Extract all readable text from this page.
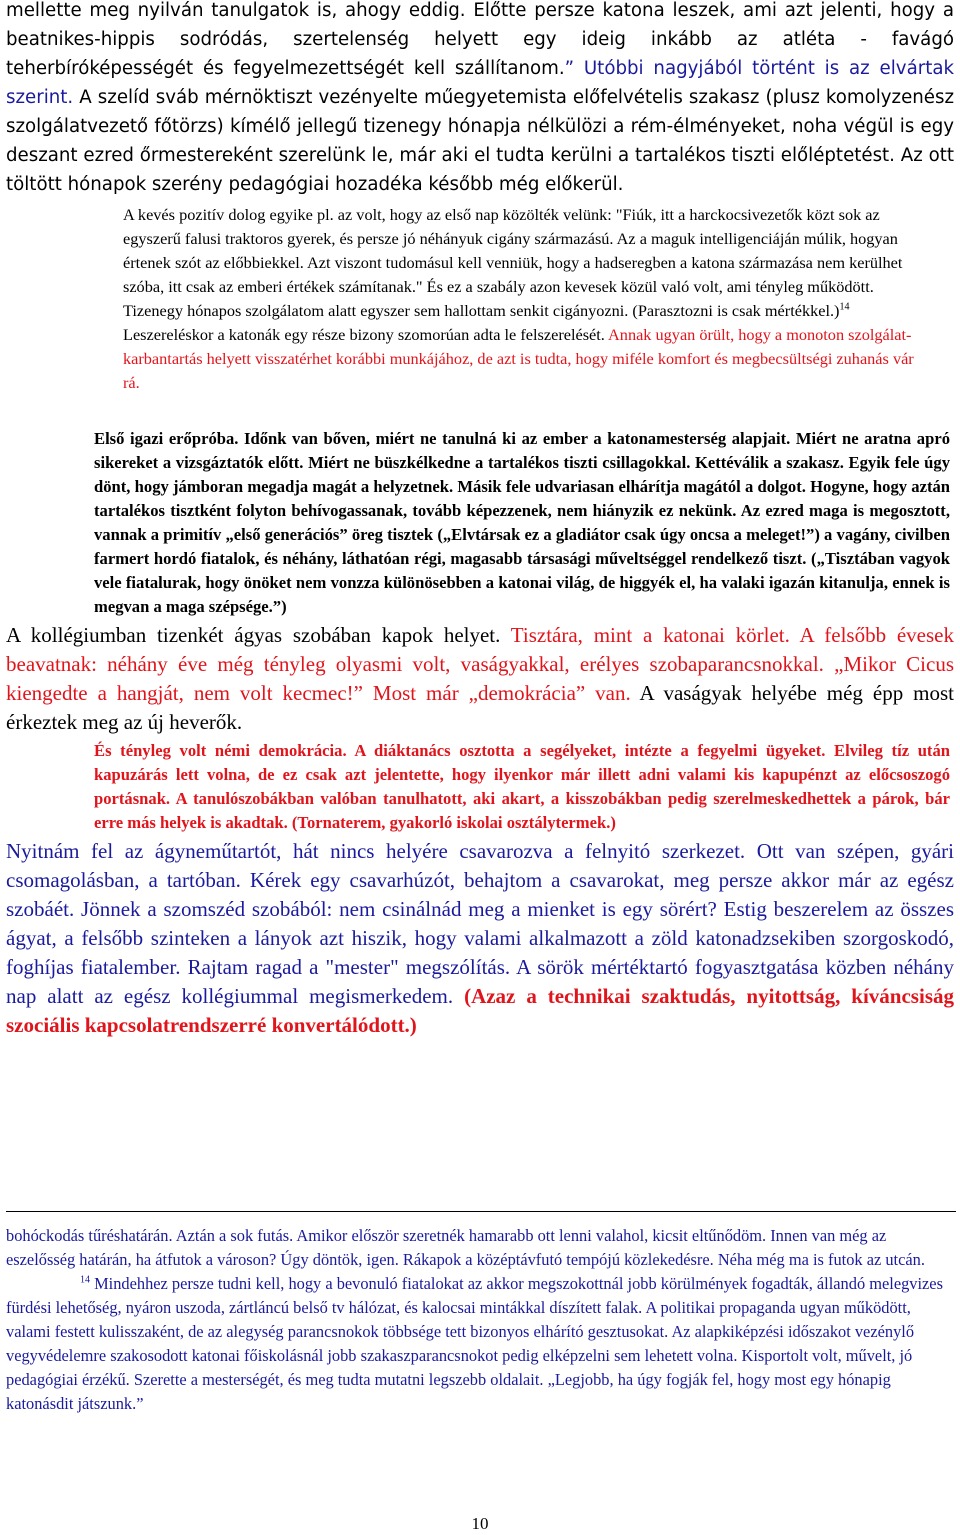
mellette meg nyilván tanulgatok is, ahogy eddig. Előtte persze katona leszek, ami azt jelenti, hogy a beatnikes-hippis sodródás, szertelenség helyett egy ideig inkább az atléta - favágó teherbíróképességét és fegyelmezettségét kell szállítanom.” Utóbbi nagyjából történt is az elvártak szerint. A szelíd sváb mérnöktiszt vezényelte műegyetemista előfelvételis szakasz (plusz komolyzenész szolgálatvezető főtörzs) kímélő jellegű tizenegy hónapja nélkülözi a rém-élményeket, noha végül is egy deszant ezred őrmestereként szerelünk le, már aki el tudta kerülni a tartalékos tiszti előléptetést. Az ott töltött hónapok szerény pedagógiai hozadéka később még előkerül.

A kevés pozitív dolog egyike pl. az volt, hogy az első nap közölték velünk: "Fiúk, itt a harckocsivezetők közt sok az egyszerű falusi traktoros gyerek, és persze jó néhányuk cigány származású. Az a maguk intelligenciáján múlik, hogyan értenek szót az előbbiekkel. Azt viszont tudomásul kell venniük, hogy a hadseregben a katona származása nem kerülhet szóba, itt csak az emberi értékek számítanak." És ez a szabály azon kevesek közül való volt, ami tényleg működött. Tizenegy hónapos szolgálatom alatt egyszer sem hallottam senkit cigányozni. (Parasztozni is csak mértékkel.)$^{14}$ Leszereléskor a katonák egy része bizony szomorúan adta le felszerelését. Annak ugyan örült, hogy a monoton szolgálat-karbantartás helyett visszatérhet korábbi munkájához, de azt is tudta, hogy miféle komfort és megbecsültségi zuhanás vár rá.

Első igazi erőpróba. Időnk van bőven, miért ne tanulná ki az ember a katonamesterség alapjait. Miért ne aratna apró sikereket a vizsgáztatók előtt. Miért ne büszkélkedne a tartalékos tiszti csillagokkal. Kettéválik a szakasz. Egyik fele úgy dönt, hogy jámboran megadja magát a helyzetnek. Másik fele udvariasan elhárítja magától a dolgot. Hogyne, hogy aztán tartalékos tisztként folyton behívogassanak, tovább képezzenek, nem hiányzik ez nekünk. Az ezred maga is megosztott, vannak a primitív „első generációs” öreg tisztek („Elvtársak ez a gladiátor csak úgy oncsa a meleget!”) a vagány, civilben farmert hordó fiatalok, és néhány, láthatóan régi, magasabb társasági műveltséggel rendelkező tiszt. („Tisztában vagyok vele fiatalurak, hogy önöket nem vonzza különösebben a katonai világ, de higgyék el, ha valaki igazán kitanulja, ennek is megvan a maga szépsége.”)

A kollégiumban tizenkét ágyas szobában kapok helyet. Tisztára, mint a katonai körlet. A felsőbb évesek beavatnak: néhány éve még tényleg olyasmi volt, vaságyakkal, erélyes szobaparancsnokkal. „Mikor Cicus kiengedte a hangját, nem volt kecmec!” Most már „demokrácia” van. A vaságyak helyébe még épp most érkeztek meg az új heverők.

És tényleg volt némi demokrácia. A diáktanács osztotta a segélyeket, intézte a fegyelmi ügyeket. Elvileg tíz után kapuzárás lett volna, de ez csak azt jelentette, hogy ilyenkor már illett adni valami kis kapupénzt az előcsoszogó portásnak. A tanulószobákban valóban tanulhatott, aki akart, a kisszobákban pedig szerelmeskedhettek a párok, bár erre más helyek is akadtak. (Tornaterem, gyakorló iskolai osztálytermek.)

Nyitnám fel az ágyneműtartót, hát nincs helyére csavarozva a felnyitó szerkezet. Ott van szépen, gyári csomagolásban, a tartóban. Kérek egy csavarhúzót, behajtom a csavarokat, meg persze akkor már az egész szobáét. Jönnek a szomszéd szobából: nem csinálnád meg a mienket is egy sörért? Estig beszerelem az összes ágyat, a felsőbb szinteken a lányok azt hiszik, hogy valami alkalmazott a zöld katonadzsekiben szorgoskodó, foghíjas fiatalember. Rajtam ragad a "mester" megszólítás. A sörök mértéktartó fogyasztgatása közben néhány nap alatt az egész kollégiummal megismerkedem. (Azaz a technikai szaktudás, nyitottság, kíváncsiság szociális kapcsolatrendszerré konvertálódott.)

bohóckodás tűréshatárán. Aztán a sok futás. Amikor először szeretnék hamarabb ott lenni valahol, kicsit eltűnődöm. Innen van még az eszelősség határán, ha átfutok a városon? Úgy döntök, igen. Rákapok a középtávfutó tempójú közlekedésre. Néha még ma is futok az utcán.
$^{14}$ Mindehhez persze tudni kell, hogy a bevonuló fiatalokat az akkor megszokottnál jobb körülmények fogadták, állandó melegvizes fürdési lehetőség, nyáron uszoda, zártláncú belső tv hálózat, és kalocsai mintákkal díszített falak. A politikai propaganda ugyan működött, valami festett kulisszaként, de az alegység parancsnokok többsége tett bizonyos elhárító gesztusokat. Az alapkiképzési időszakot vezénylő vegyvédelemre szakosodott katonai főiskolásnál jobb szakaszparancsnokot pedig elképzelni sem lehetett volna. Kisportolt volt, művelt, jó pedagógiai érzékű. Szerette a mesterségét, és meg tudta mutatni legszebb oldalait. „Legjobb, ha úgy fogják fel, hogy most egy hónapig katonásdit játszunk.”
10
